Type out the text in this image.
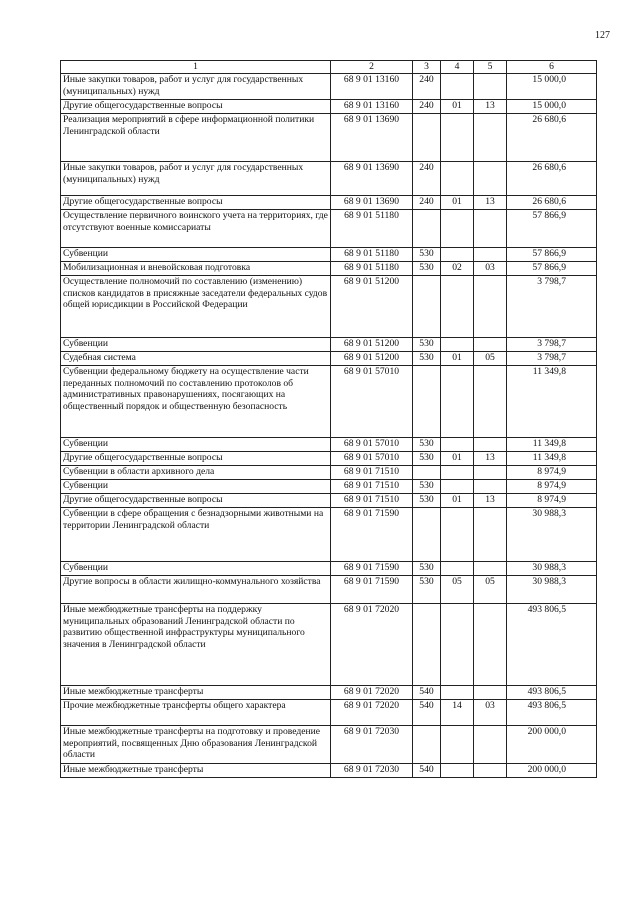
127
1	2	3	4	5	6
Иные закупки товаров, работ и услуг для государственных (муниципальных) нужд	68 9 01 13160	240			15 000,0
Другие общегосударственные вопросы	68 9 01 13160	240	01	13	15 000,0
Реализация мероприятий в сфере информационной политики Ленинградской области	68 9 01 13690				26 680,6
Иные закупки товаров, работ и услуг для государственных (муниципальных) нужд	68 9 01 13690	240			26 680,6
Другие общегосударственные вопросы	68 9 01 13690	240	01	13	26 680,6
Осуществление первичного воинского учета на территориях, где отсутствуют военные комиссариаты	68 9 01 51180				57 866,9
Субвенции	68 9 01 51180	530			57 866,9
Мобилизационная и вневойсковая подготовка	68 9 01 51180	530	02	03	57 866,9
Осуществление полномочий по составлению (изменению) списков кандидатов в присяжные заседатели федеральных судов общей юрисдикции в Российской Федерации	68 9 01 51200				3 798,7
Субвенции	68 9 01 51200	530			3 798,7
Судебная система	68 9 01 51200	530	01	05	3 798,7
Субвенции федеральному бюджету на осуществление части переданных полномочий по составлению протоколов об административных правонарушениях, посягающих на общественный порядок и общественную безопасность	68 9 01 57010				11 349,8
Субвенции	68 9 01 57010	530			11 349,8
Другие общегосударственные вопросы	68 9 01 57010	530	01	13	11 349,8
Субвенции в области архивного дела	68 9 01 71510				8 974,9
Субвенции	68 9 01 71510	530			8 974,9
Другие общегосударственные вопросы	68 9 01 71510	530	01	13	8 974,9
Субвенции в сфере обращения с безнадзорными животными на территории Ленинградской области	68 9 01 71590				30 988,3
Субвенции	68 9 01 71590	530			30 988,3
Другие вопросы в области жилищно-коммунального хозяйства	68 9 01 71590	530	05	05	30 988,3
Иные межбюджетные трансферты на поддержку муниципальных образований Ленинградской области по развитию общественной инфраструктуры муниципального значения в Ленинградской области	68 9 01 72020				493 806,5
Иные межбюджетные трансферты	68 9 01 72020	540			493 806,5
Прочие межбюджетные трансферты общего характера	68 9 01 72020	540	14	03	493 806,5
Иные межбюджетные трансферты на подготовку и проведение мероприятий, посвященных Дню образования Ленинградской области	68 9 01 72030				200 000,0
Иные межбюджетные трансферты	68 9 01 72030	540			200 000,0
